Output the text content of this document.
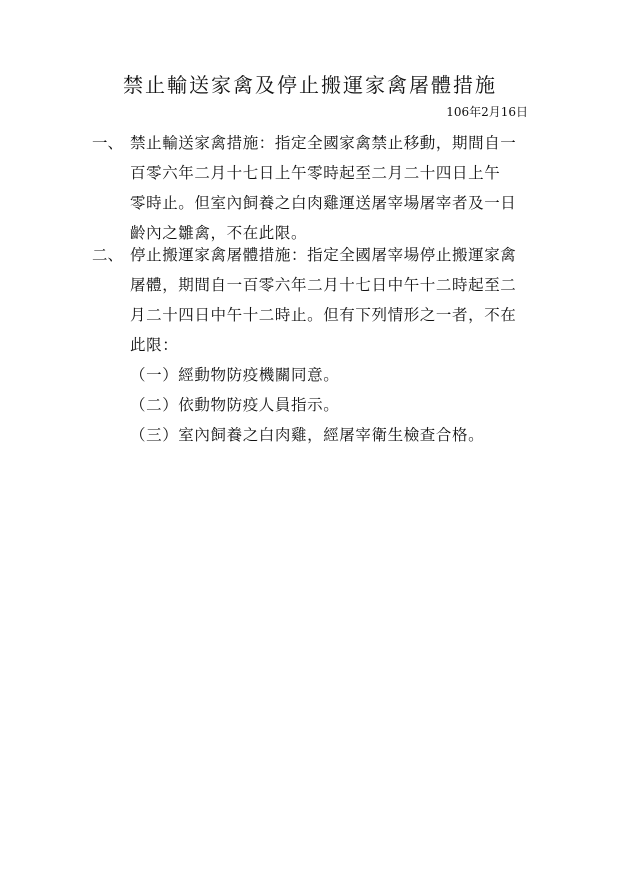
禁止輸送家禽及停止搬運家禽屠體措施
106年2月16日
一、 禁止輸送家禽措施：指定全國家禽禁止移動，期間自一
百零六年二月十七日上午零時起至二月二十四日上午
零時止。但室內飼養之白肉雞運送屠宰場屠宰者及一日
齡內之雛禽，不在此限。
二、 停止搬運家禽屠體措施：指定全國屠宰場停止搬運家禽
屠體，期間自一百零六年二月十七日中午十二時起至二
月二十四日中午十二時止。但有下列情形之一者，不在
此限：
（一）經動物防疫機關同意。
（二）依動物防疫人員指示。
（三）室內飼養之白肉雞，經屠宰衛生檢查合格。
